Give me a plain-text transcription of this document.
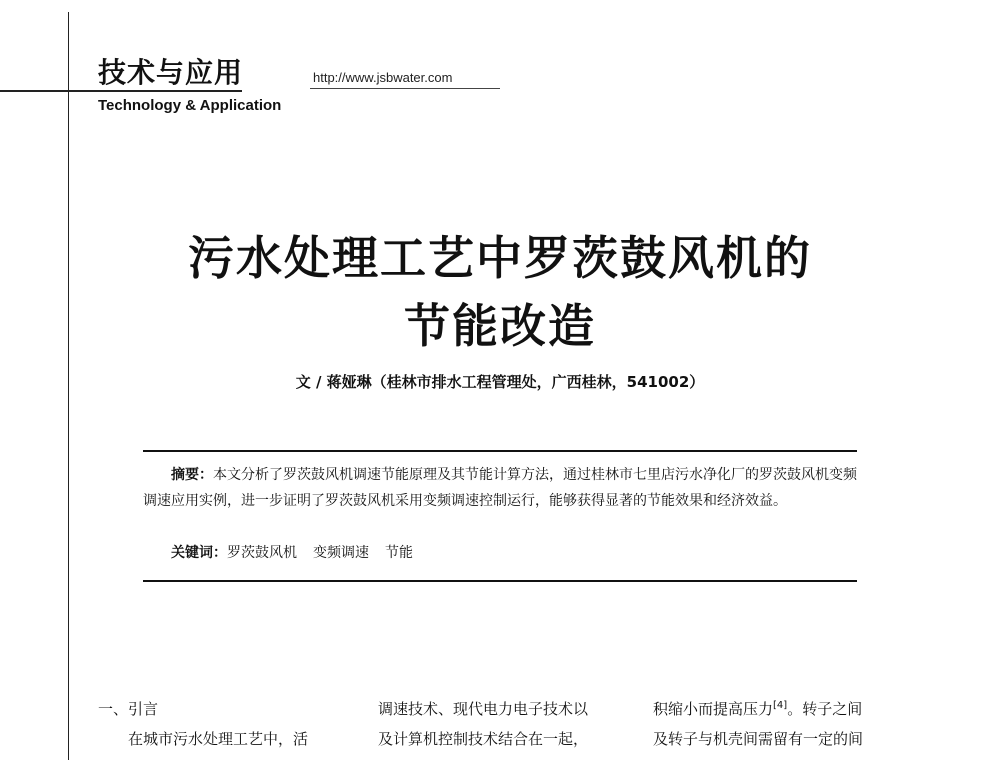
技术与应用	http://www.jsbwater.com
Technology & Application
污水处理工艺中罗茨鼓风机的
节能改造
文 / 蒋娅琳（桂林市排水工程管理处，广西桂林，541002）

摘要：本文分析了罗茨鼓风机调速节能原理及其节能计算方法，通过桂林市七里店污水净化厂的罗茨鼓风机变频调速应用实例，进一步证明了罗茨鼓风机采用变频调速控制运行，能够获得显著的节能效果和经济效益。

关键词：罗茨鼓风机 变频调速 节能

一、引言

在城市污水处理工艺中，活

调速技术、现代电力电子技术以

及计算机控制技术结合在一起，

积缩小而提高压力[4]。转子之间

及转子与机壳间需留有一定的间
